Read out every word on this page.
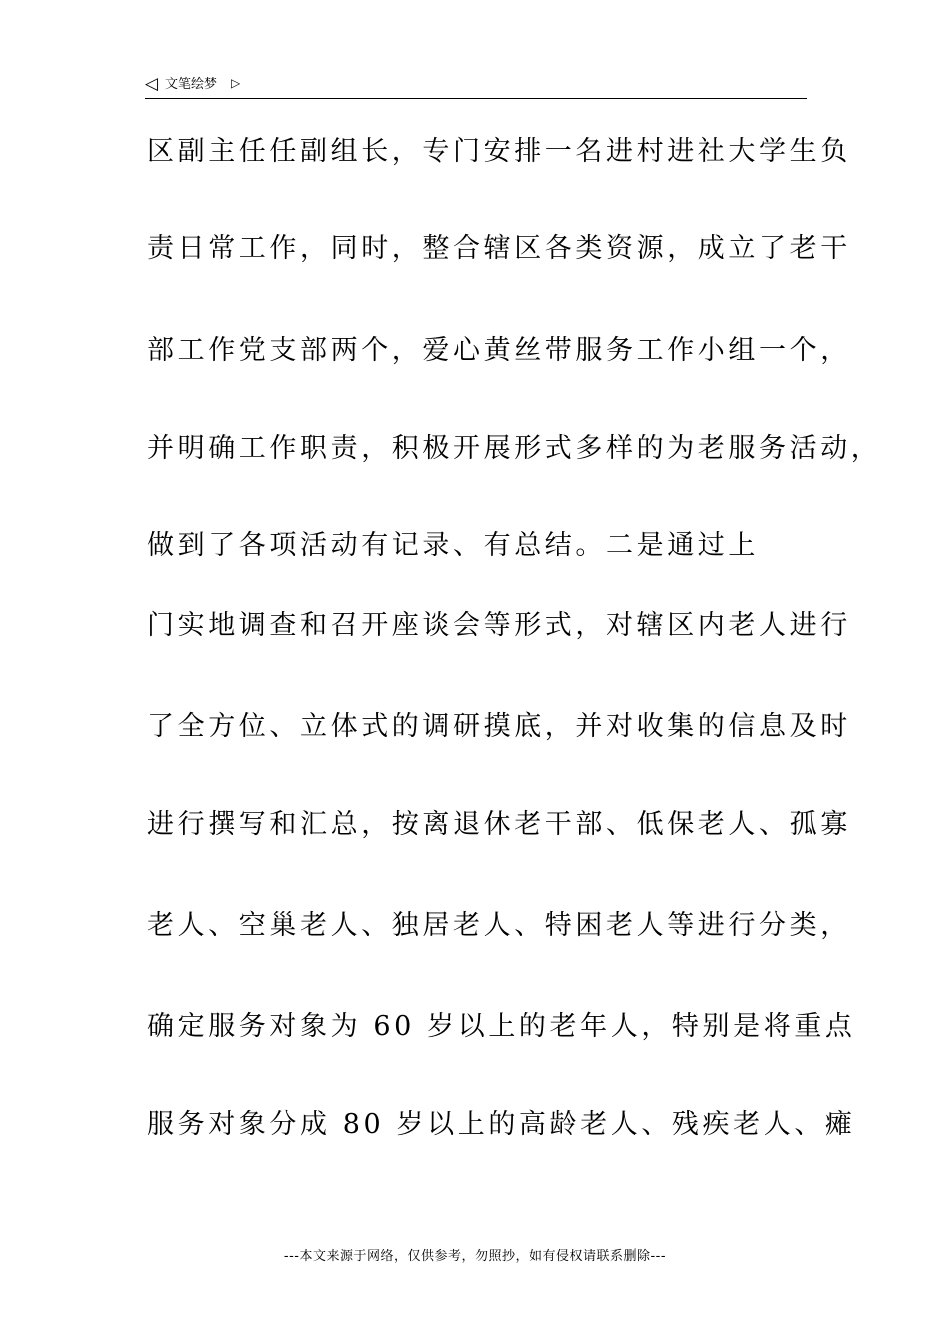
◁ 文笔绘梦 ▷
区副主任任副组长，专门安排一名进村进社大学生负
责日常工作，同时，整合辖区各类资源，成立了老干
部工作党支部两个，爱心黄丝带服务工作小组一个，
并明确工作职责，积极开展形式多样的为老服务活动，
做到了各项活动有记录、有总结。二是通过上
门实地调查和召开座谈会等形式，对辖区内老人进行
了全方位、立体式的调研摸底，并对收集的信息及时
进行撰写和汇总，按离退休老干部、低保老人、孤寡
老人、空巢老人、独居老人、特困老人等进行分类，
确定服务对象为 60 岁以上的老年人，特别是将重点
服务对象分成 80 岁以上的高龄老人、残疾老人、瘫
---本文来源于网络，仅供参考，勿照抄，如有侵权请联系删除---
